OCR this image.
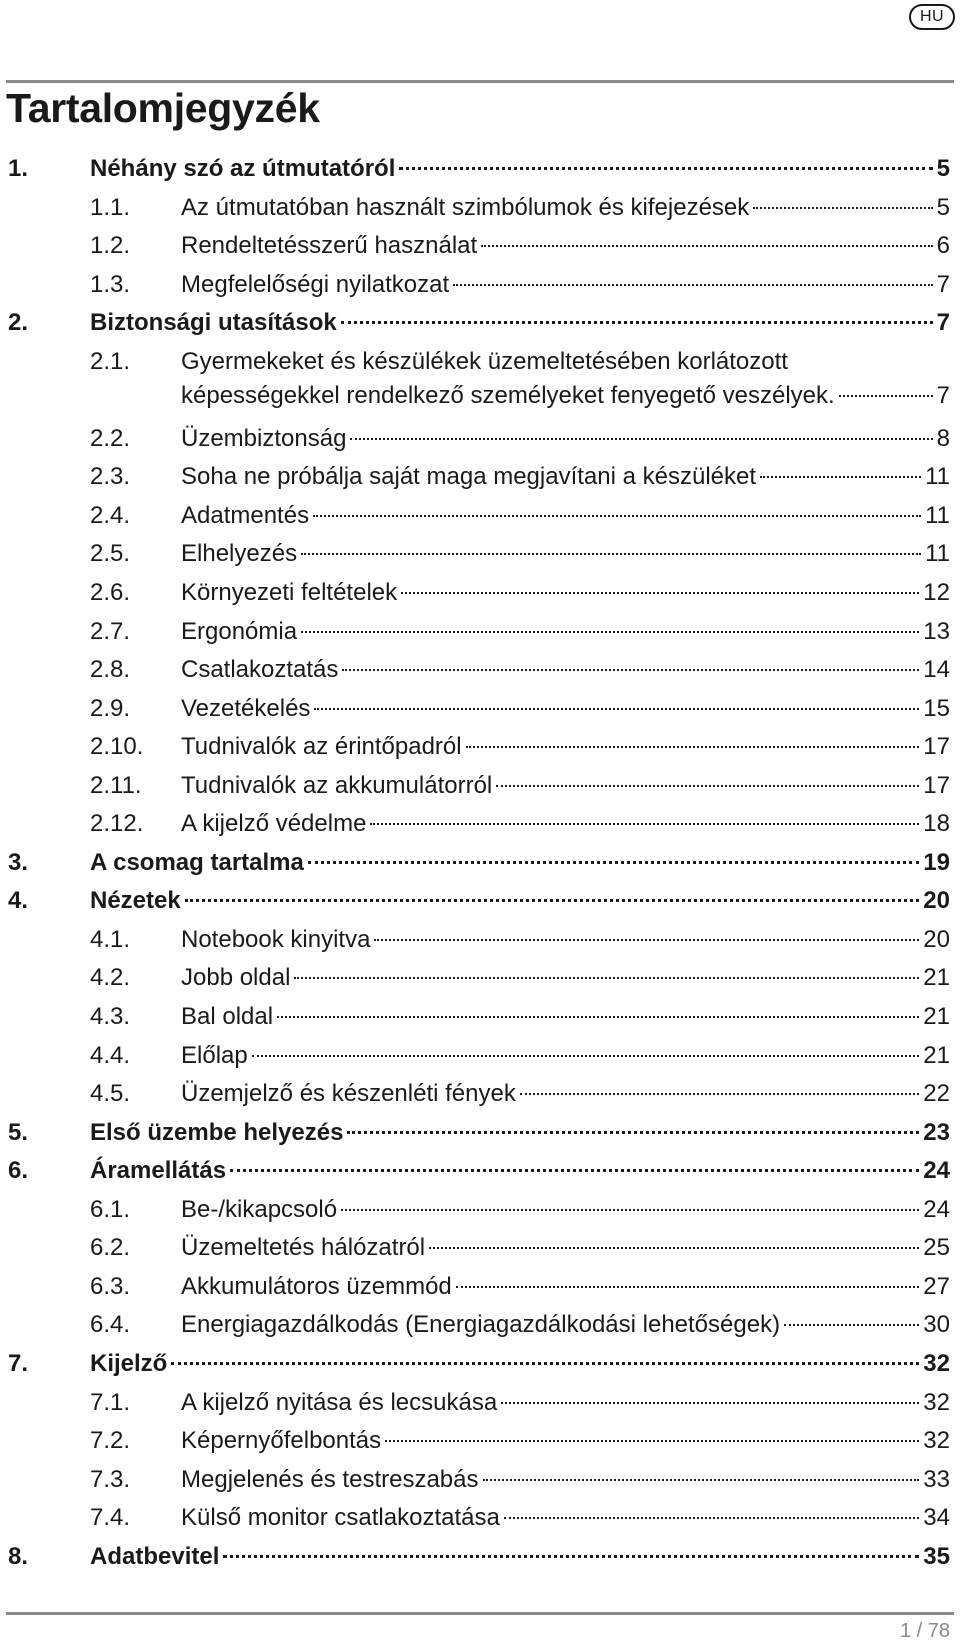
HU
Tartalomjegyzék
1.	Néhány szó az útmutatóról	5
1.1. Az útmutatóban használt szimbólumok és kifejezések	5
1.2. Rendeltetésszerű használat	6
1.3. Megfelelőségi nyilatkozat	7
2.	Biztonsági utasítások	7
2.1. Gyermekeket és készülékek üzemeltetésében korlátozott
képességekkel rendelkező személyeket fenyegető veszélyek.	7
2.2. Üzembiztonság	8
2.3. Soha ne próbálja saját maga megjavítani a készüléket	11
2.4. Adatmentés	11
2.5. Elhelyezés	11
2.6. Környezeti feltételek	12
2.7. Ergonómia	13
2.8. Csatlakoztatás	14
2.9. Vezetékelés	15
2.10. Tudnivalók az érintőpadról	17
2.11. Tudnivalók az akkumulátorról	17
2.12. A kijelző védelme	18
3.	A csomag tartalma	19
4.	Nézetek	20
4.1. Notebook kinyitva	20
4.2. Jobb oldal	21
4.3. Bal oldal	21
4.4. Előlap	21
4.5. Üzemjelző és készenléti fények	22
5.	Első üzembe helyezés	23
6.	Áramellátás	24
6.1. Be-/kikapcsoló	24
6.2. Üzemeltetés hálózatról	25
6.3. Akkumulátoros üzemmód	27
6.4. Energiagazdálkodás (Energiagazdálkodási lehetőségek)	30
7.	Kijelző	32
7.1. A kijelző nyitása és lecsukása	32
7.2. Képernyőfelbontás	32
7.3. Megjelenés és testreszabás	33
7.4. Külső monitor csatlakoztatása	34
8.	Adatbevitel	35
1 / 78
